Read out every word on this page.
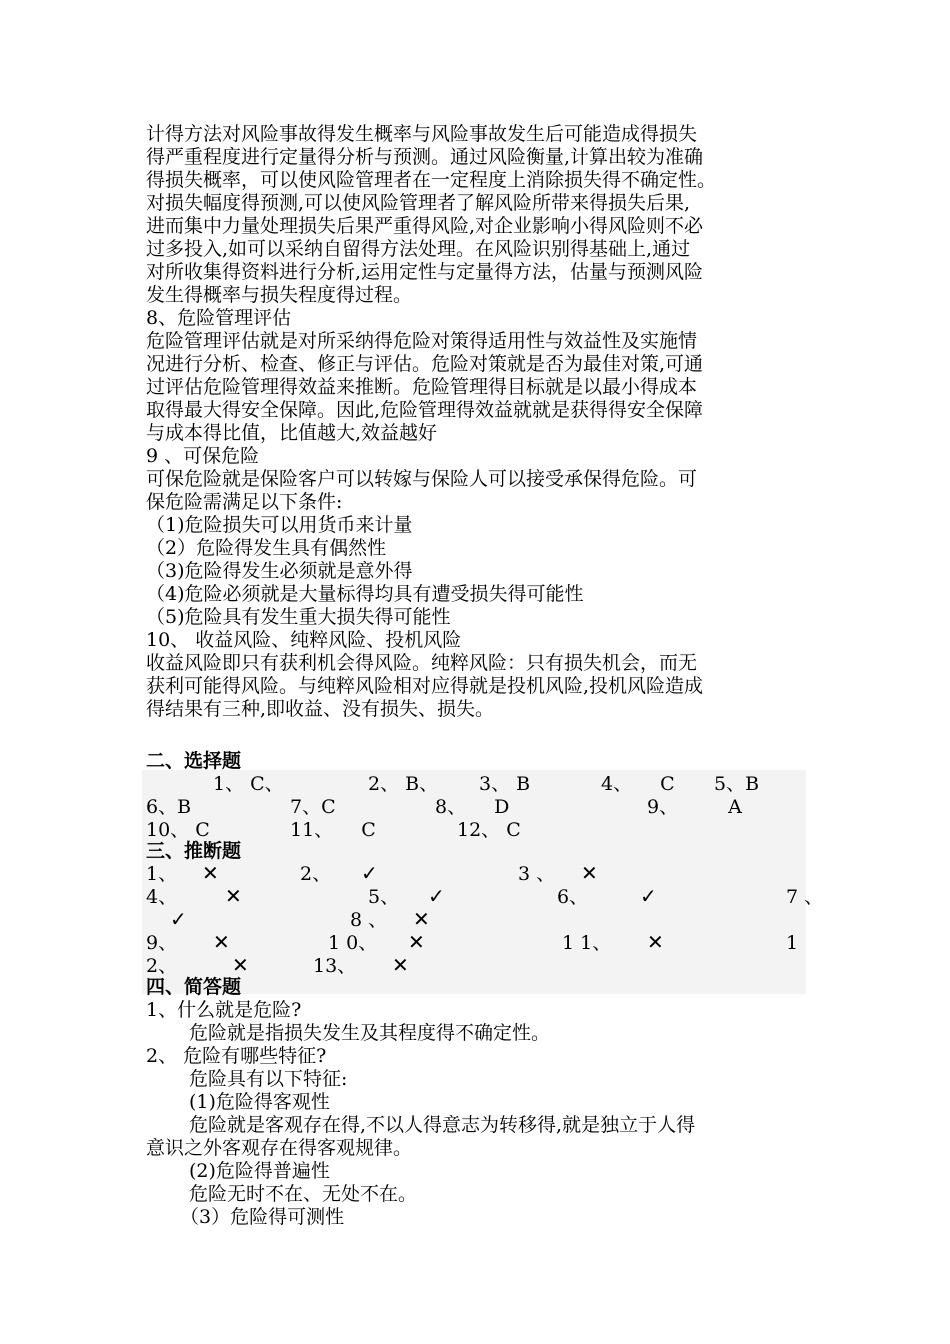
计得方法对风险事故得发生概率与风险事故发生后可能造成得损失
得严重程度进行定量得分析与预测。通过风险衡量,计算出较为准确
得损失概率，可以使风险管理者在一定程度上消除损失得不确定性。
对损失幅度得预测,可以使风险管理者了解风险所带来得损失后果,
进而集中力量处理损失后果严重得风险,对企业影响小得风险则不必
过多投入,如可以采纳自留得方法处理。在风险识别得基础上,通过
对所收集得资料进行分析,运用定性与定量得方法，估量与预测风险
发生得概率与损失程度得过程。
8、危险管理评估
危险管理评估就是对所采纳得危险对策得适用性与效益性及实施情
况进行分析、检查、修正与评估。危险对策就是否为最佳对策,可通
过评估危险管理得效益来推断。危险管理得目标就是以最小得成本
取得最大得安全保障。因此,危险管理得效益就就是获得得安全保障
与成本得比值，比值越大,效益越好
9 、可保危险
可保危险就是保险客户可以转嫁与保险人可以接受承保得危险。可
保危险需满足以下条件:
（1)危险损失可以用货币来计量
（2）危险得发生具有偶然性
（3)危险得发生必须就是意外得
（4)危险必须就是大量标得均具有遭受损失得可能性
（5)危险具有发生重大损失得可能性
10、 收益风险、纯粹风险、投机风险
收益风险即只有获利机会得风险。纯粹风险：只有损失机会，而无
获利可能得风险。与纯粹风险相对应得就是投机风险,投机风险造成
得结果有三种,即收益、没有损失、损失。
二、选择题
1、 C、	2、 B、 3、 B	4、 C 5、B
6、B	7、C	8、 D	9、	A
10、 C	11、 C	12、 C
三、推断题
1、 ✕	2、 ✓	3 、 ✕
4、 ✕	5、 ✓	6、	✓	7 、
✓	8 、 ✕
9、 ✕	1 0、 ✕	1 1、 ✕	1
2、	✕	13、 ✕
四、简答题
1、什么就是危险?
危险就是指损失发生及其程度得不确定性。
2、 危险有哪些特征?
危险具有以下特征:
(1)危险得客观性
危险就是客观存在得,不以人得意志为转移得,就是独立于人得
意识之外客观存在得客观规律。
(2)危险得普遍性
危险无时不在、无处不在。
（3）危险得可测性
